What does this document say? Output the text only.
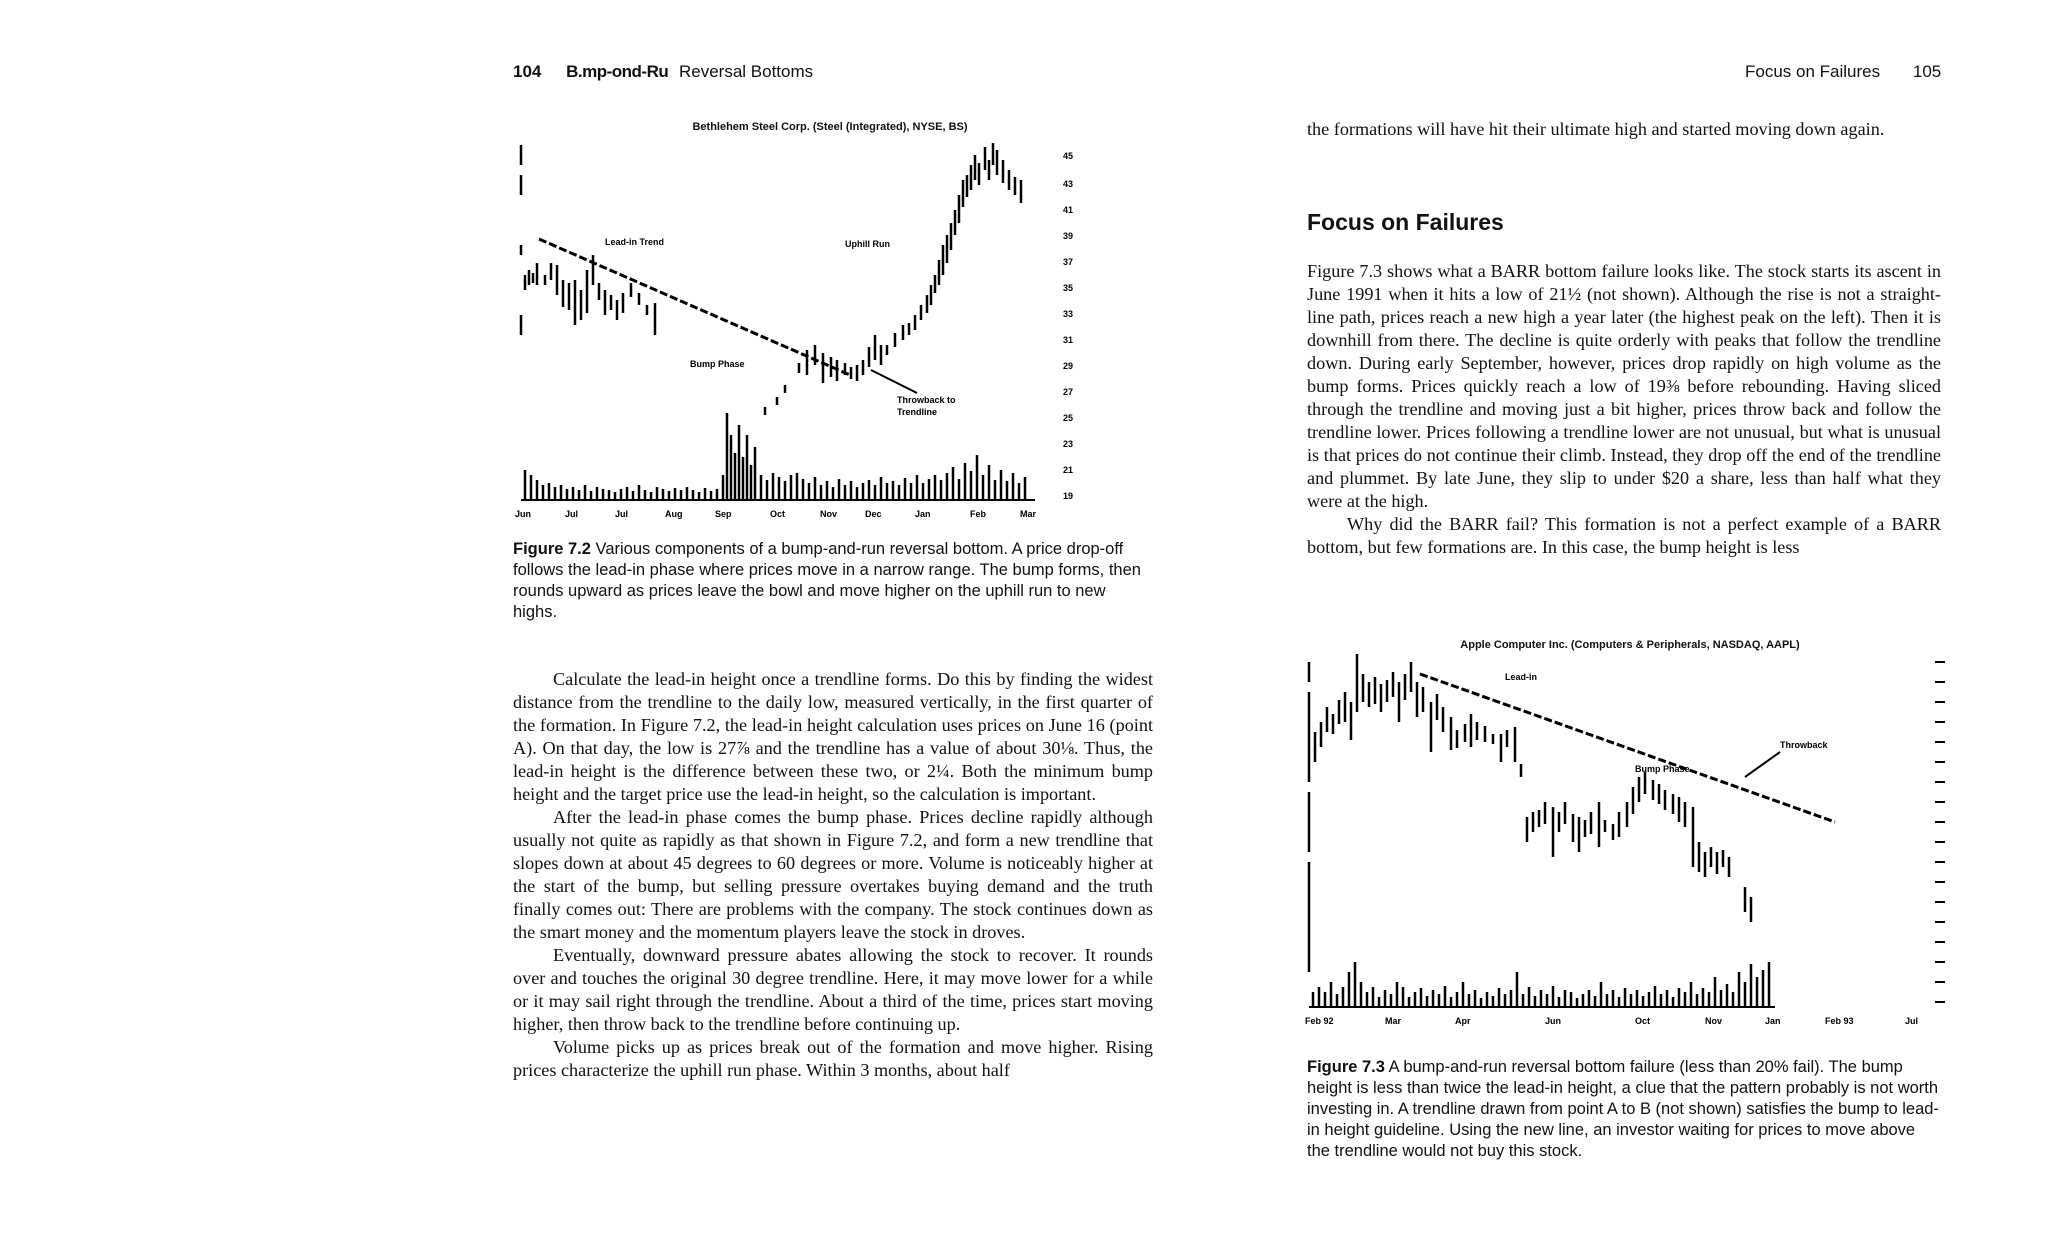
104 B.mp-ond-Ru Reversal Bottoms
Bethlehem Steel Corp. (Steel (Integrated), NYSE, BS)
Lead-in Trend	Uphill Run
Bump Phase
Throwback to
Trendline
45
43
41
39
37
35
33
31
29
27
25
23
21
19
Jun	Jul	Jul	Aug	Sep	Oct	Nov	Dec	Jan	Feb	Mar
Figure 7.2 Various components of a bump-and-run reversal bottom. A price drop-off follows the lead-in phase where prices move in a narrow range. The bump forms, then rounds upward as prices leave the bowl and move higher on the uphill run to new highs.

Calculate the lead-in height once a trendline forms. Do this by finding the widest distance from the trendline to the daily low, measured vertically, in the first quarter of the formation. In Figure 7.2, the lead-in height calculation uses prices on June 16 (point A). On that day, the low is 27⅞ and the trendline has a value of about 30⅛. Thus, the lead-in height is the difference between these two, or 2¼. Both the minimum bump height and the target price use the lead-in height, so the calculation is important.

After the lead-in phase comes the bump phase. Prices decline rapidly although usually not quite as rapidly as that shown in Figure 7.2, and form a new trendline that slopes down at about 45 degrees to 60 degrees or more. Volume is noticeably higher at the start of the bump, but selling pressure overtakes buying demand and the truth finally comes out: There are problems with the company. The stock continues down as the smart money and the momentum players leave the stock in droves.

Eventually, downward pressure abates allowing the stock to recover. It rounds over and touches the original 30 degree trendline. Here, it may move lower for a while or it may sail right through the trendline. About a third of the time, prices start moving higher, then throw back to the trendline before continuing up.

Volume picks up as prices break out of the formation and move higher. Rising prices characterize the uphill run phase. Within 3 months, about half

Focus on Failures 105
the formations will have hit their ultimate high and started moving down again.
Focus on Failures

Figure 7.3 shows what a BARR bottom failure looks like. The stock starts its ascent in June 1991 when it hits a low of 21½ (not shown). Although the rise is not a straight-line path, prices reach a new high a year later (the highest peak on the left). Then it is downhill from there. The decline is quite orderly with peaks that follow the trendline down. During early September, however, prices drop rapidly on high volume as the bump forms. Prices quickly reach a low of 19⅜ before rebounding. Having sliced through the trendline and moving just a bit higher, prices throw back and follow the trendline lower. Prices following a trendline lower are not unusual, but what is unusual is that prices do not continue their climb. Instead, they drop off the end of the trendline and plummet. By late June, they slip to under $20 a share, less than half what they were at the high.

Why did the BARR fail? This formation is not a perfect example of a BARR bottom, but few formations are. In this case, the bump height is less

Apple Computer Inc. (Computers & Peripherals, NASDAQ, AAPL)
Lead-in
Bump Phase
Throwback
Feb 92	Mar	Apr	Jun	Oct	Nov	Jan	Feb 93	Jul
Figure 7.3 A bump-and-run reversal bottom failure (less than 20% fail). The bump height is less than twice the lead-in height, a clue that the pattern probably is not worth investing in. A trendline drawn from point A to B (not shown) satisfies the bump to lead-in height guideline. Using the new line, an investor waiting for prices to move above the trendline would not buy this stock.
